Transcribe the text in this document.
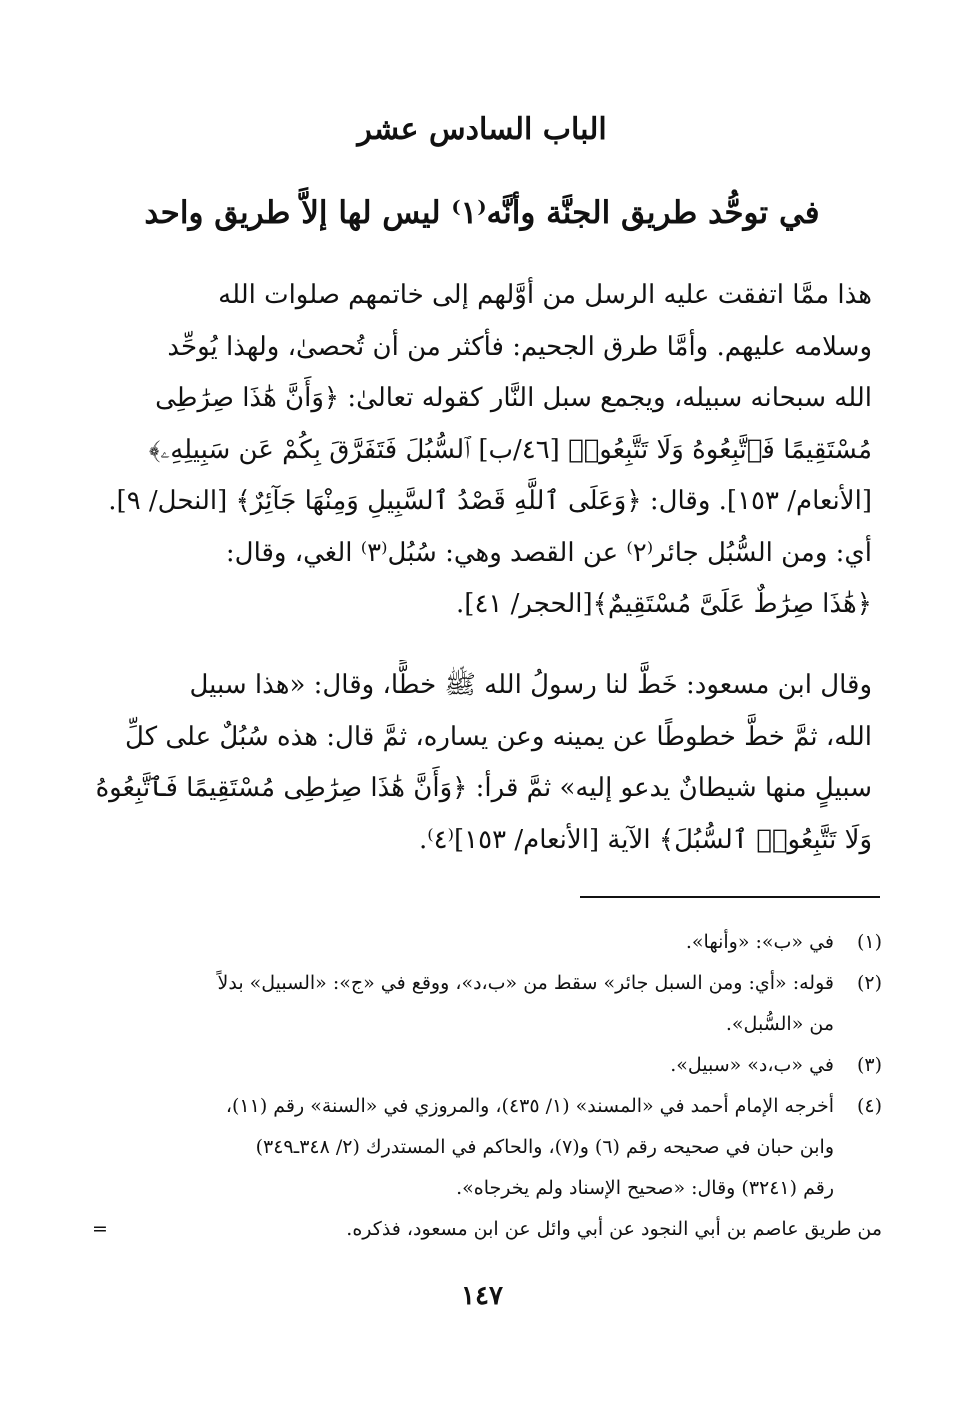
الباب السادس عشر
في توحُّد طريق الجنَّة وأنَّه⁽١⁾ ليس لها إلاَّ طريق واحد
هذا ممَّا اتفقت عليه الرسل من أوَّلهم إلى خاتمهم صلوات الله
وسلامه عليهم. وأمَّا طرق الجحيم: فأكثر من أن تُحصىٰ، ولهذا يُوحِّد
الله سبحانه سبيله، ويجمع سبل النَّار كقوله تعالىٰ: ﴿وَأَنَّ هَٰذَا صِرَٰطِى
مُسْتَقِيمًا فَٱتَّبِعُوهُ وَلَا تَتَّبِعُوا۟ [٤٦/ب] ٱلسُّبُلَ فَتَفَرَّقَ بِكُمْ عَن سَبِيلِهِۦ﴾
[الأنعام/ ١٥٣]. وقال: ﴿وَعَلَى ٱللَّهِ قَصْدُ ٱلسَّبِيلِ وَمِنْهَا جَآئِرٌ﴾ [النحل/ ٩].
أي: ومن السُّبُل جائر⁽٢⁾ عن القصد وهي: سُبُل⁽٣⁾ الغي، وقال:
﴿هَٰذَا صِرَٰطٌ عَلَىَّ مُسْتَقِيمٌ﴾[الحجر/ ٤١].
وقال ابن مسعود: خَطَّ لنا رسولُ الله ﷺ خطًّا، وقال: «هذا سبيل
الله، ثمَّ خطَّ خطوطًا عن يمينه وعن يساره، ثمَّ قال: هذه سُبُلٌ على كلِّ
سبيلٍ منها شيطانٌ يدعو إليه» ثمَّ قرأ: ﴿وَأَنَّ هَٰذَا صِرَٰطِى مُسْتَقِيمًا فَٱتَّبِعُوهُ
وَلَا تَتَّبِعُوا۟ ٱلسُّبُلَ﴾ الآية [الأنعام/ ١٥٣]⁽٤⁾.
(١)
في «ب»: «وأنها».
(٢)
قوله: «أي: ومن السبل جائر» سقط من «ب،د»، ووقع في «ج»: «السبيل» بدلاً
من «السُّبل».
(٣)
في «ب،د» «سبيل».
(٤)
أخرجه الإمام أحمد في «المسند» (١/ ٤٣٥)، والمروزي في «السنة» رقم (١١)،
وابن حبان في صحيحه رقم (٦) و(٧)، والحاكم في المستدرك (٢/ ٣٤٨ـ٣٤٩)
رقم (٣٢٤١) وقال: «صحيح الإسناد ولم يخرجاه».
من طريق عاصم بن أبي النجود عن أبي وائل عن ابن مسعود، فذكره.
=
١٤٧
